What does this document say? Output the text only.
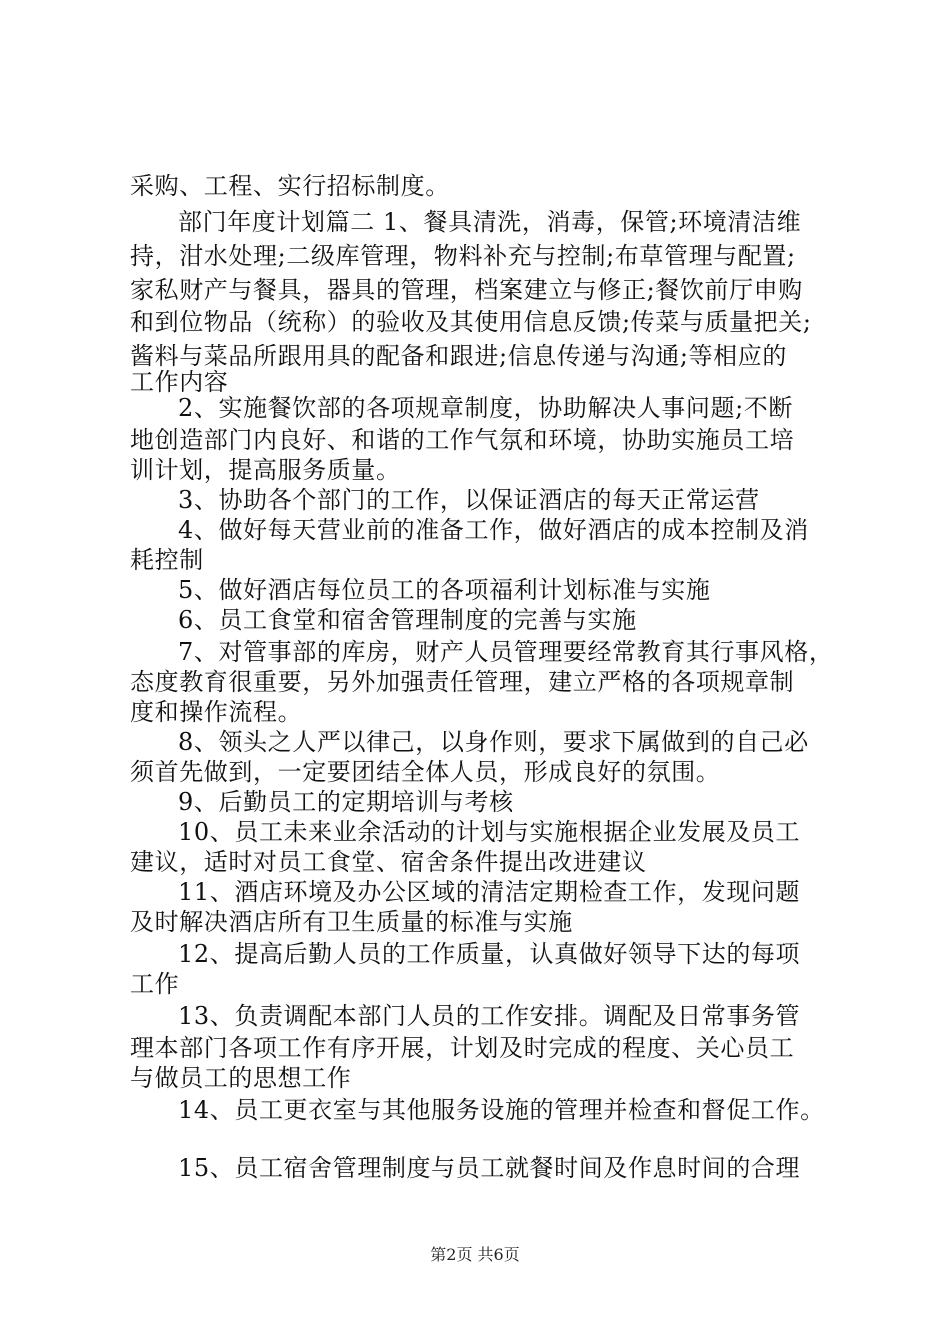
采购、工程、实行招标制度。

部门年度计划篇二 1、餐具清洗，消毒，保管;环境清洁维

持，泔水处理;二级库管理，物料补充与控制;布草管理与配置;

家私财产与餐具，器具的管理，档案建立与修正;餐饮前厅申购

和到位物品（统称）的验收及其使用信息反馈;传菜与质量把关;

酱料与菜品所跟用具的配备和跟进;信息传递与沟通;等相应的

工作内容

2、实施餐饮部的各项规章制度，协助解决人事问题;不断

地创造部门内良好、和谐的工作气氛和环境，协助实施员工培

训计划，提高服务质量。

3、协助各个部门的工作，以保证酒店的每天正常运营

4、做好每天营业前的准备工作，做好酒店的成本控制及消

耗控制

5、做好酒店每位员工的各项福利计划标准与实施

6、员工食堂和宿舍管理制度的完善与实施

7、对管事部的库房，财产人员管理要经常教育其行事风格，

态度教育很重要，另外加强责任管理，建立严格的各项规章制

度和操作流程。

8、领头之人严以律己，以身作则，要求下属做到的自己必

须首先做到，一定要团结全体人员，形成良好的氛围。

9、后勤员工的定期培训与考核

10、员工未来业余活动的计划与实施根据企业发展及员工

建议，适时对员工食堂、宿舍条件提出改进建议

11、酒店环境及办公区域的清洁定期检查工作，发现问题

及时解决酒店所有卫生质量的标准与实施

12、提高后勤人员的工作质量，认真做好领导下达的每项

工作

13、负责调配本部门人员的工作安排。调配及日常事务管

理本部门各项工作有序开展，计划及时完成的程度、关心员工

与做员工的思想工作

14、员工更衣室与其他服务设施的管理并检查和督促工作。

15、员工宿舍管理制度与员工就餐时间及作息时间的合理

第2页 共6页
